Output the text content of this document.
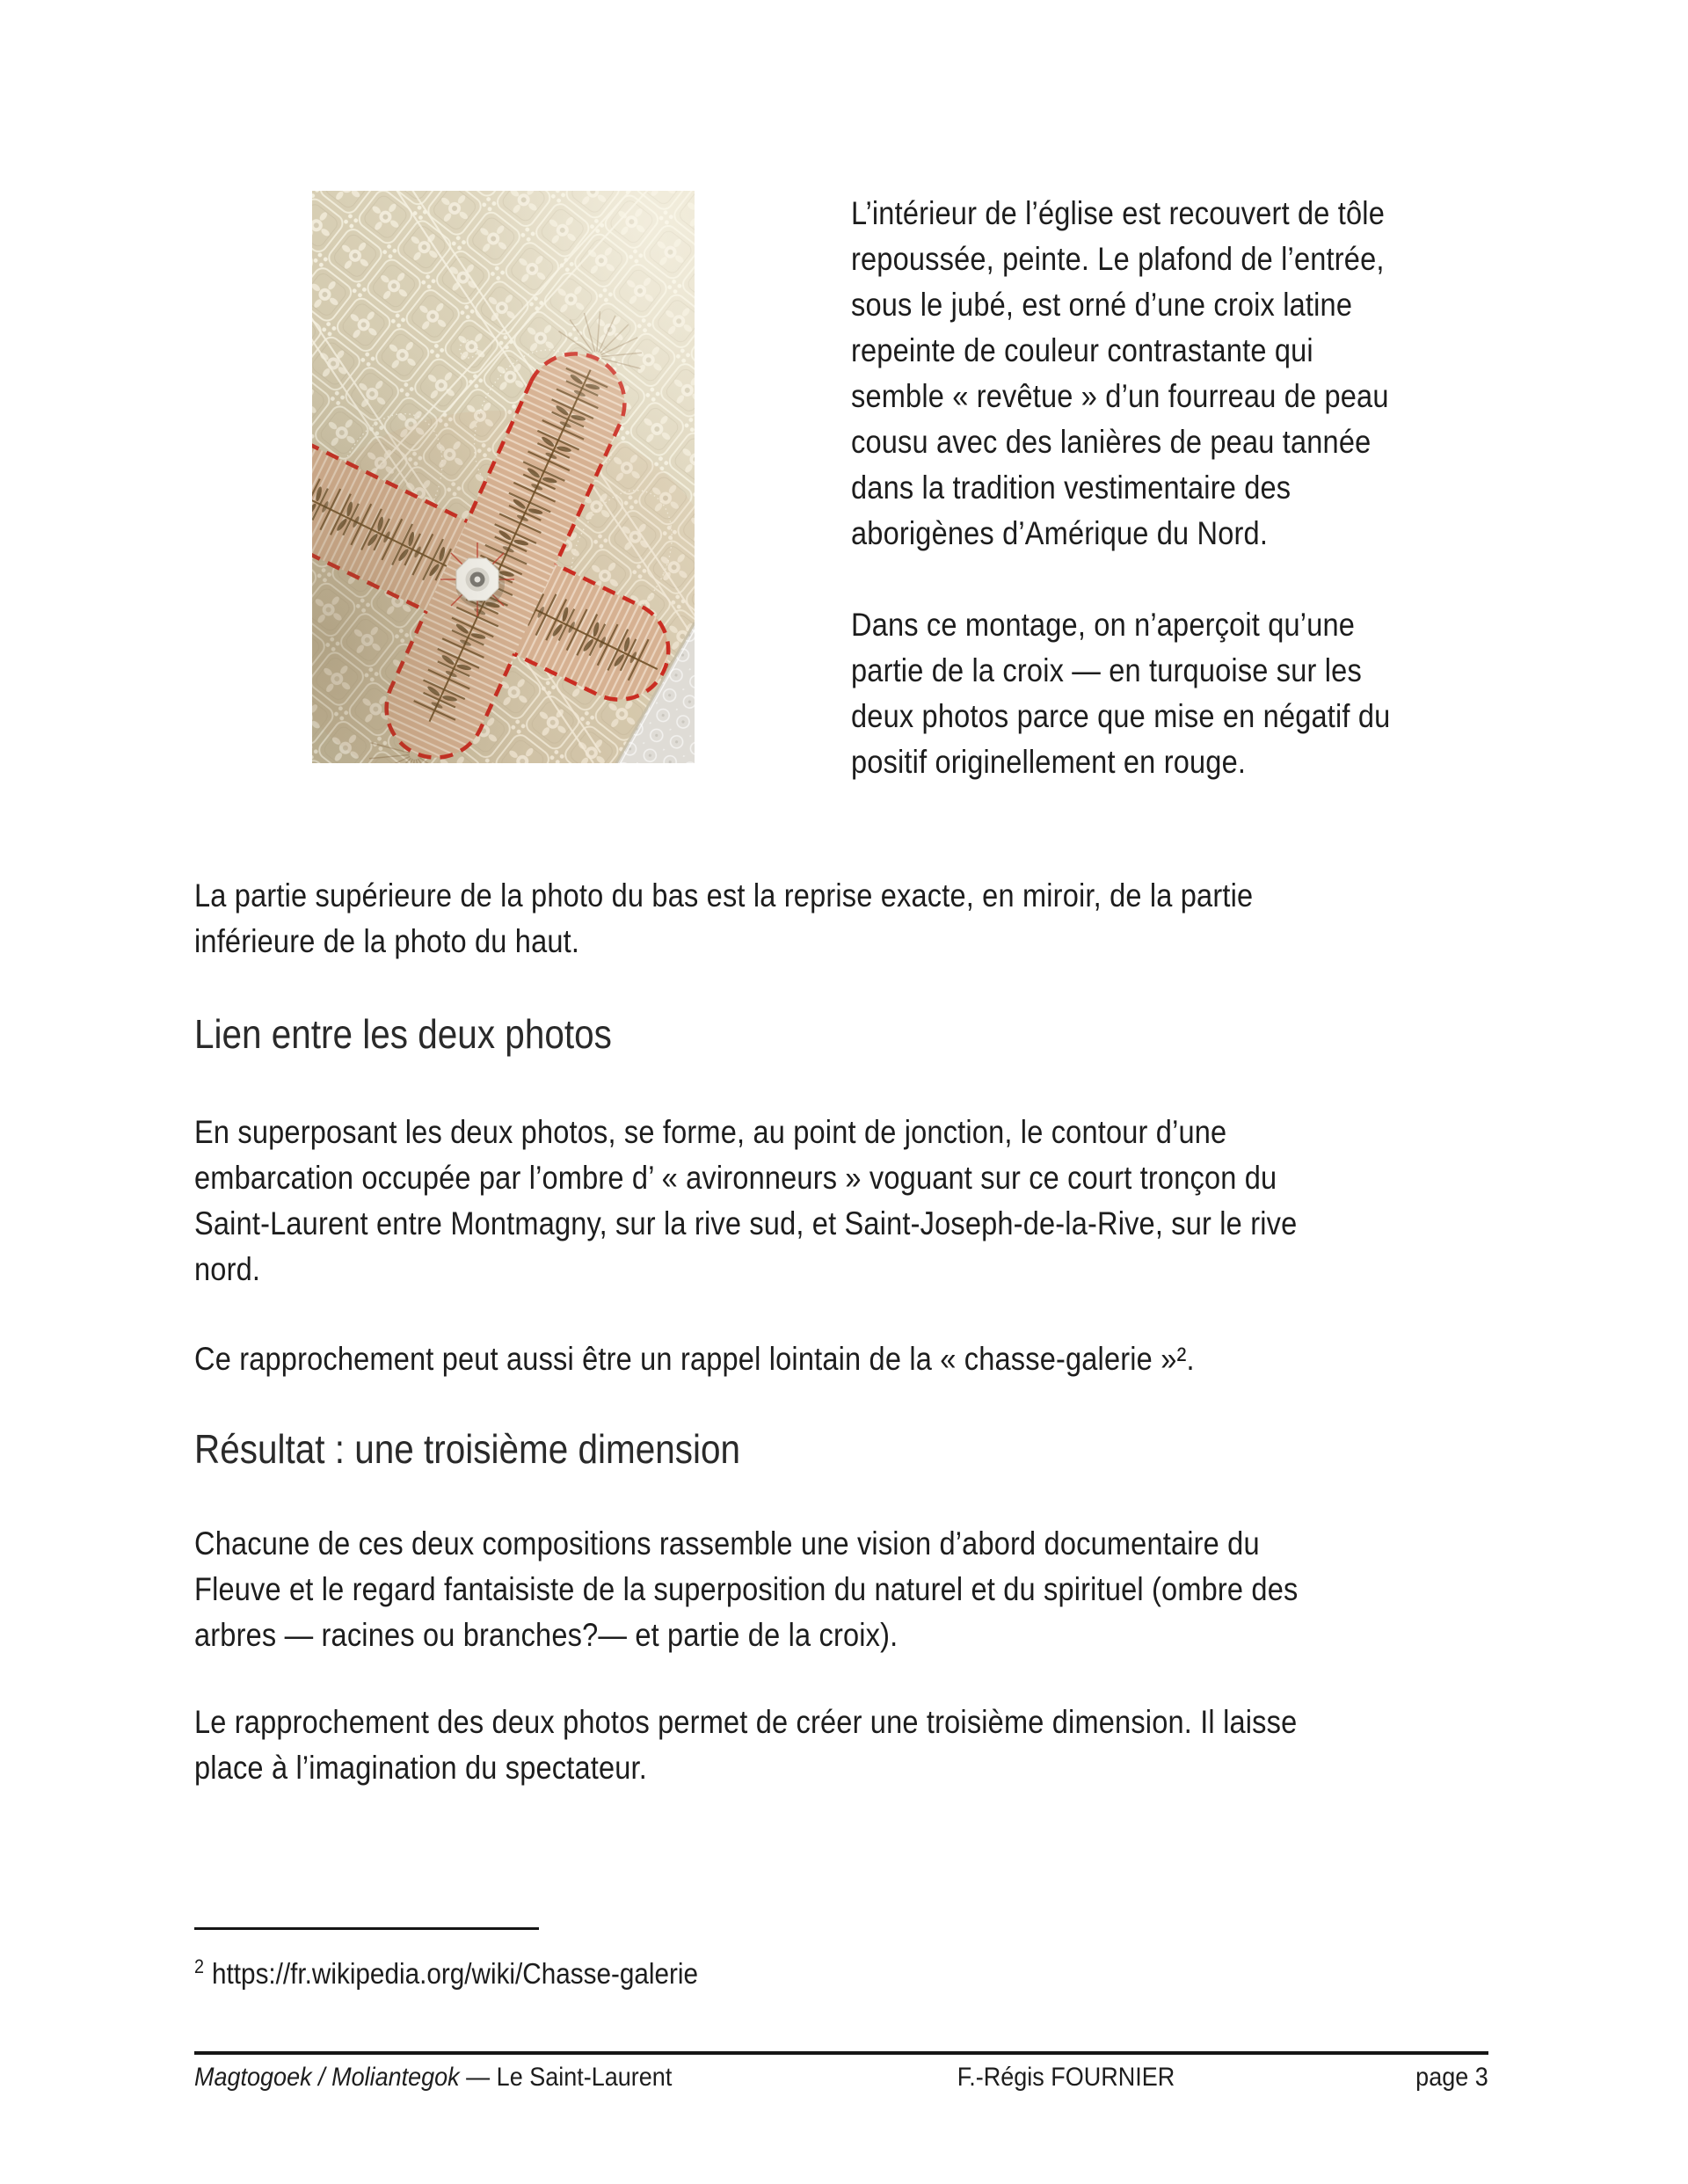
L’intérieur de l’église est recouvert de tôle
repoussée, peinte. Le plafond de l’entrée,
sous le jubé, est orné d’une croix latine
repeinte de couleur contrastante qui
semble « revêtue » d’un fourreau de peau
cousu avec des lanières de peau tannée
dans la tradition vestimentaire des
aborigènes d’Amérique du Nord.
Dans ce montage, on n’aperçoit qu’une
partie de la croix — en turquoise sur les
deux photos parce que mise en négatif du
positif originellement en rouge.
La partie supérieure de la photo du bas est la reprise exacte, en miroir, de la partie
inférieure de la photo du haut.
Lien entre les deux photos
En superposant les deux photos, se forme, au point de jonction, le contour d’une
embarcation occupée par l’ombre d’ « avironneurs » voguant sur ce court tronçon du
Saint-Laurent entre Montmagny, sur la rive sud, et Saint-Joseph-de-la-Rive, sur le rive
nord.
Ce rapprochement peut aussi être un rappel lointain de la « chasse-galerie »².
Résultat : une troisième dimension
Chacune de ces deux compositions rassemble une vision d’abord documentaire du
Fleuve et le regard fantaisiste de la superposition du naturel et du spirituel (ombre des
arbres — racines ou branches?— et partie de la croix).
Le rapprochement des deux photos permet de créer une troisième dimension. Il laisse
place à l’imagination du spectateur.
$^2$ https://fr.wikipedia.org/wiki/Chasse-galerie
Magtogoek / Moliantegok — Le Saint-Laurent	F.-Régis FOURNIER	page 3
